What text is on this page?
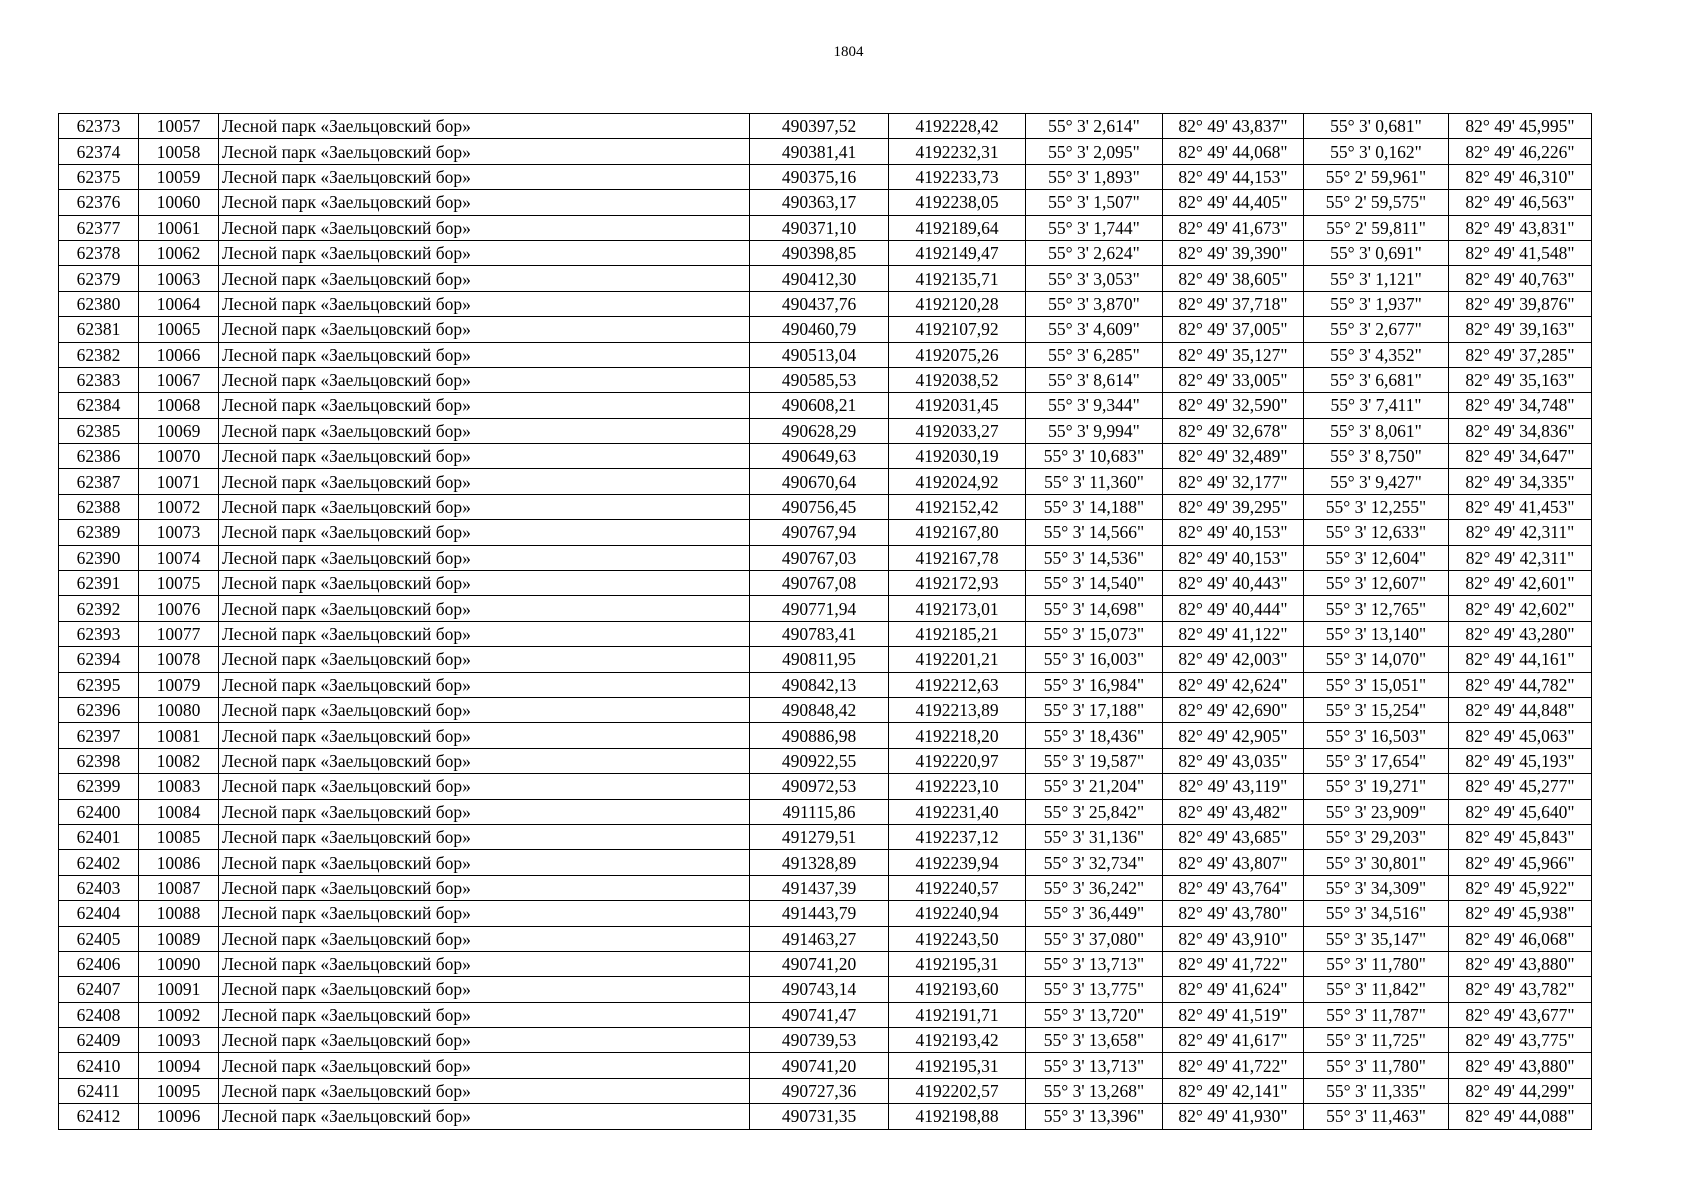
1804
62373	10057	Лесной парк «Заельцовский бор»	490397,52	4192228,42	55° 3' 2,614"	82° 49' 43,837"	55° 3' 0,681"	82° 49' 45,995"
62374	10058	Лесной парк «Заельцовский бор»	490381,41	4192232,31	55° 3' 2,095"	82° 49' 44,068"	55° 3' 0,162"	82° 49' 46,226"
62375	10059	Лесной парк «Заельцовский бор»	490375,16	4192233,73	55° 3' 1,893"	82° 49' 44,153"	55° 2' 59,961"	82° 49' 46,310"
62376	10060	Лесной парк «Заельцовский бор»	490363,17	4192238,05	55° 3' 1,507"	82° 49' 44,405"	55° 2' 59,575"	82° 49' 46,563"
62377	10061	Лесной парк «Заельцовский бор»	490371,10	4192189,64	55° 3' 1,744"	82° 49' 41,673"	55° 2' 59,811"	82° 49' 43,831"
62378	10062	Лесной парк «Заельцовский бор»	490398,85	4192149,47	55° 3' 2,624"	82° 49' 39,390"	55° 3' 0,691"	82° 49' 41,548"
62379	10063	Лесной парк «Заельцовский бор»	490412,30	4192135,71	55° 3' 3,053"	82° 49' 38,605"	55° 3' 1,121"	82° 49' 40,763"
62380	10064	Лесной парк «Заельцовский бор»	490437,76	4192120,28	55° 3' 3,870"	82° 49' 37,718"	55° 3' 1,937"	82° 49' 39,876"
62381	10065	Лесной парк «Заельцовский бор»	490460,79	4192107,92	55° 3' 4,609"	82° 49' 37,005"	55° 3' 2,677"	82° 49' 39,163"
62382	10066	Лесной парк «Заельцовский бор»	490513,04	4192075,26	55° 3' 6,285"	82° 49' 35,127"	55° 3' 4,352"	82° 49' 37,285"
62383	10067	Лесной парк «Заельцовский бор»	490585,53	4192038,52	55° 3' 8,614"	82° 49' 33,005"	55° 3' 6,681"	82° 49' 35,163"
62384	10068	Лесной парк «Заельцовский бор»	490608,21	4192031,45	55° 3' 9,344"	82° 49' 32,590"	55° 3' 7,411"	82° 49' 34,748"
62385	10069	Лесной парк «Заельцовский бор»	490628,29	4192033,27	55° 3' 9,994"	82° 49' 32,678"	55° 3' 8,061"	82° 49' 34,836"
62386	10070	Лесной парк «Заельцовский бор»	490649,63	4192030,19	55° 3' 10,683"	82° 49' 32,489"	55° 3' 8,750"	82° 49' 34,647"
62387	10071	Лесной парк «Заельцовский бор»	490670,64	4192024,92	55° 3' 11,360"	82° 49' 32,177"	55° 3' 9,427"	82° 49' 34,335"
62388	10072	Лесной парк «Заельцовский бор»	490756,45	4192152,42	55° 3' 14,188"	82° 49' 39,295"	55° 3' 12,255"	82° 49' 41,453"
62389	10073	Лесной парк «Заельцовский бор»	490767,94	4192167,80	55° 3' 14,566"	82° 49' 40,153"	55° 3' 12,633"	82° 49' 42,311"
62390	10074	Лесной парк «Заельцовский бор»	490767,03	4192167,78	55° 3' 14,536"	82° 49' 40,153"	55° 3' 12,604"	82° 49' 42,311"
62391	10075	Лесной парк «Заельцовский бор»	490767,08	4192172,93	55° 3' 14,540"	82° 49' 40,443"	55° 3' 12,607"	82° 49' 42,601"
62392	10076	Лесной парк «Заельцовский бор»	490771,94	4192173,01	55° 3' 14,698"	82° 49' 40,444"	55° 3' 12,765"	82° 49' 42,602"
62393	10077	Лесной парк «Заельцовский бор»	490783,41	4192185,21	55° 3' 15,073"	82° 49' 41,122"	55° 3' 13,140"	82° 49' 43,280"
62394	10078	Лесной парк «Заельцовский бор»	490811,95	4192201,21	55° 3' 16,003"	82° 49' 42,003"	55° 3' 14,070"	82° 49' 44,161"
62395	10079	Лесной парк «Заельцовский бор»	490842,13	4192212,63	55° 3' 16,984"	82° 49' 42,624"	55° 3' 15,051"	82° 49' 44,782"
62396	10080	Лесной парк «Заельцовский бор»	490848,42	4192213,89	55° 3' 17,188"	82° 49' 42,690"	55° 3' 15,254"	82° 49' 44,848"
62397	10081	Лесной парк «Заельцовский бор»	490886,98	4192218,20	55° 3' 18,436"	82° 49' 42,905"	55° 3' 16,503"	82° 49' 45,063"
62398	10082	Лесной парк «Заельцовский бор»	490922,55	4192220,97	55° 3' 19,587"	82° 49' 43,035"	55° 3' 17,654"	82° 49' 45,193"
62399	10083	Лесной парк «Заельцовский бор»	490972,53	4192223,10	55° 3' 21,204"	82° 49' 43,119"	55° 3' 19,271"	82° 49' 45,277"
62400	10084	Лесной парк «Заельцовский бор»	491115,86	4192231,40	55° 3' 25,842"	82° 49' 43,482"	55° 3' 23,909"	82° 49' 45,640"
62401	10085	Лесной парк «Заельцовский бор»	491279,51	4192237,12	55° 3' 31,136"	82° 49' 43,685"	55° 3' 29,203"	82° 49' 45,843"
62402	10086	Лесной парк «Заельцовский бор»	491328,89	4192239,94	55° 3' 32,734"	82° 49' 43,807"	55° 3' 30,801"	82° 49' 45,966"
62403	10087	Лесной парк «Заельцовский бор»	491437,39	4192240,57	55° 3' 36,242"	82° 49' 43,764"	55° 3' 34,309"	82° 49' 45,922"
62404	10088	Лесной парк «Заельцовский бор»	491443,79	4192240,94	55° 3' 36,449"	82° 49' 43,780"	55° 3' 34,516"	82° 49' 45,938"
62405	10089	Лесной парк «Заельцовский бор»	491463,27	4192243,50	55° 3' 37,080"	82° 49' 43,910"	55° 3' 35,147"	82° 49' 46,068"
62406	10090	Лесной парк «Заельцовский бор»	490741,20	4192195,31	55° 3' 13,713"	82° 49' 41,722"	55° 3' 11,780"	82° 49' 43,880"
62407	10091	Лесной парк «Заельцовский бор»	490743,14	4192193,60	55° 3' 13,775"	82° 49' 41,624"	55° 3' 11,842"	82° 49' 43,782"
62408	10092	Лесной парк «Заельцовский бор»	490741,47	4192191,71	55° 3' 13,720"	82° 49' 41,519"	55° 3' 11,787"	82° 49' 43,677"
62409	10093	Лесной парк «Заельцовский бор»	490739,53	4192193,42	55° 3' 13,658"	82° 49' 41,617"	55° 3' 11,725"	82° 49' 43,775"
62410	10094	Лесной парк «Заельцовский бор»	490741,20	4192195,31	55° 3' 13,713"	82° 49' 41,722"	55° 3' 11,780"	82° 49' 43,880"
62411	10095	Лесной парк «Заельцовский бор»	490727,36	4192202,57	55° 3' 13,268"	82° 49' 42,141"	55° 3' 11,335"	82° 49' 44,299"
62412	10096	Лесной парк «Заельцовский бор»	490731,35	4192198,88	55° 3' 13,396"	82° 49' 41,930"	55° 3' 11,463"	82° 49' 44,088"
